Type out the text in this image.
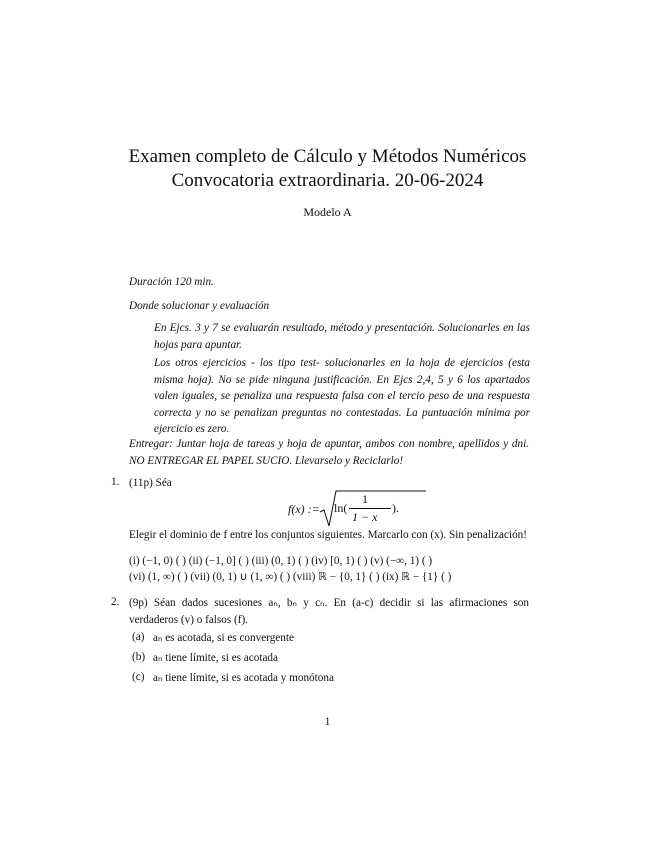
Examen completo de Cálculo y Métodos Numéricos
Convocatoria extraordinaria. 20-06-2024
Modelo A
Duración 120 min.
Donde solucionar y evaluación
En Ejcs. 3 y 7 se evaluarán resultado, método y presentación. Solucionarles en las hojas para apuntar.
Los otros ejercicios - los tipo test- solucionarles en la hoja de ejercicios (esta misma hoja). No se pide ninguna justificación. En Ejcs 2,4, 5 y 6 los apartados valen iguales, se penaliza una respuesta falsa con el tercio peso de una respuesta correcta y no se penalizan preguntas no contestadas. La puntuación mínima por ejercicio es zero.
Entregar: Juntar hoja de tareas y hoja de apuntar, ambos con nombre, apellidos y dni. NO ENTREGAR EL PAPEL SUCIO. Llevarselo y Reciclarlo!
1. (11p) Séa
f(x) := ln(
1
1 − x
).
Elegir el dominio de f entre los conjuntos siguientes. Marcarlo con (x). Sin penalización!
(i) (−1, 0) ( ) (ii) (−1, 0] ( ) (iii) (0, 1) ( ) (iv) [0, 1) ( ) (v) (−∞, 1) ( )
(vi) (1, ∞) ( ) (vii) (0, 1) ∪ (1, ∞) ( ) (viii) ℝ − {0, 1} ( ) (ix) ℝ − {1} ( )
2. (9p) Séan dados sucesiones aₙ, bₙ y cₙ. En (a-c) decidir si las afirmaciones son verdaderos (v) o falsos (f).
(a) aₙ es acotada, si es convergente
(b) aₙ tiene límite, si es acotada
(c) aₙ tiene límite, si es acotada y monótona
1
